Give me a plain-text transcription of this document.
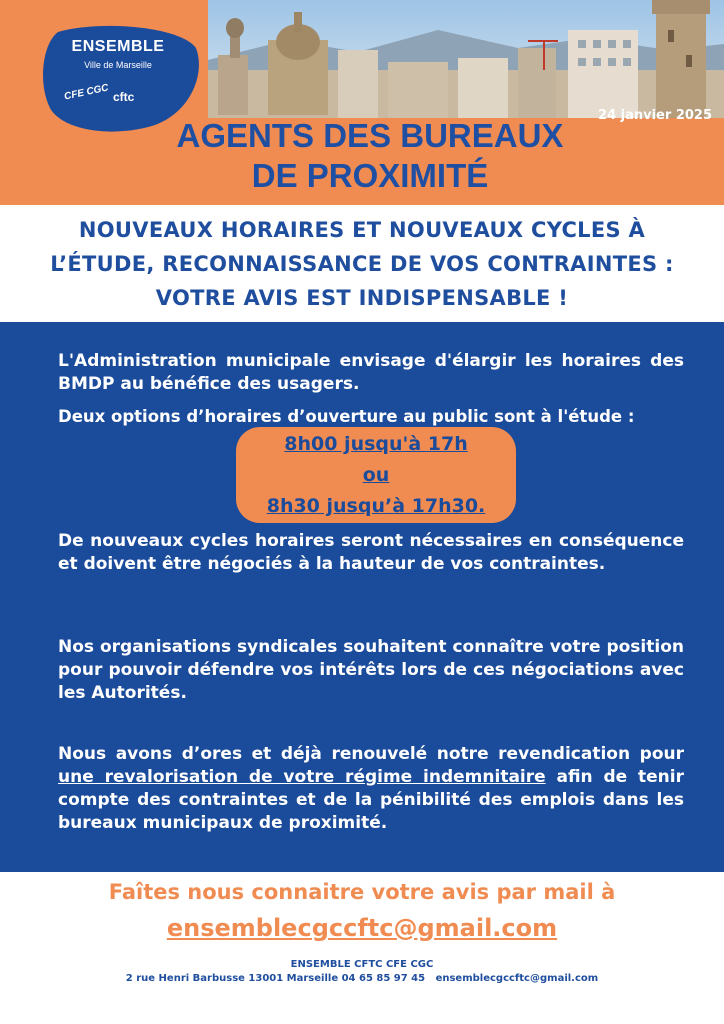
ENSEMBLE
Ville de Marseille
CFE CGC cftc
24 janvier 2025
AGENTS DES BUREAUX
DE PROXIMITÉ
NOUVEAUX HORAIRES ET NOUVEAUX CYCLES À
L’ÉTUDE, RECONNAISSANCE DE VOS CONTRAINTES :
VOTRE AVIS EST INDISPENSABLE !
L'Administration municipale envisage d'élargir les horaires des BMDP au bénéfice des usagers.
Deux options d’horaires d’ouverture au public sont à l'étude :
8h00 jusqu'à 17h
ou
8h30 jusqu’à 17h30.
De nouveaux cycles horaires seront nécessaires en conséquence et doivent être négociés à la hauteur de vos contraintes.
Nos organisations syndicales souhaitent connaître votre position pour pouvoir défendre vos intérêts lors de ces négociations avec les Autorités.
Nous avons d’ores et déjà renouvelé notre revendication pour une revalorisation de votre régime indemnitaire afin de tenir compte des contraintes et de la pénibilité des emplois dans les bureaux municipaux de proximité.
Faîtes nous connaitre votre avis par mail à
ensemblecgccftc@gmail.com
ENSEMBLE CFTC CFE CGC
2 rue Henri Barbusse 13001 Marseille 04 65 85 97 45 ensemblecgccftc@gmail.com
